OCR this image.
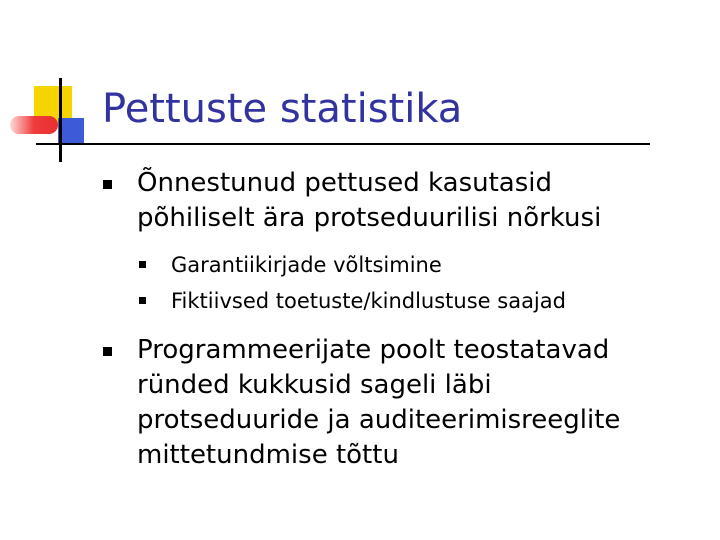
Pettuste statistika
Õnnestunud pettused kasutasid
põhiliselt ära protseduurilisi nõrkusi
Garantiikirjade võltsimine
Fiktiivsed toetuste/kindlustuse saajad
Programmeerijate poolt teostatavad
ründed kukkusid sageli läbi
protseduuride ja auditeerimisreeglite
mittetundmise tõttu
